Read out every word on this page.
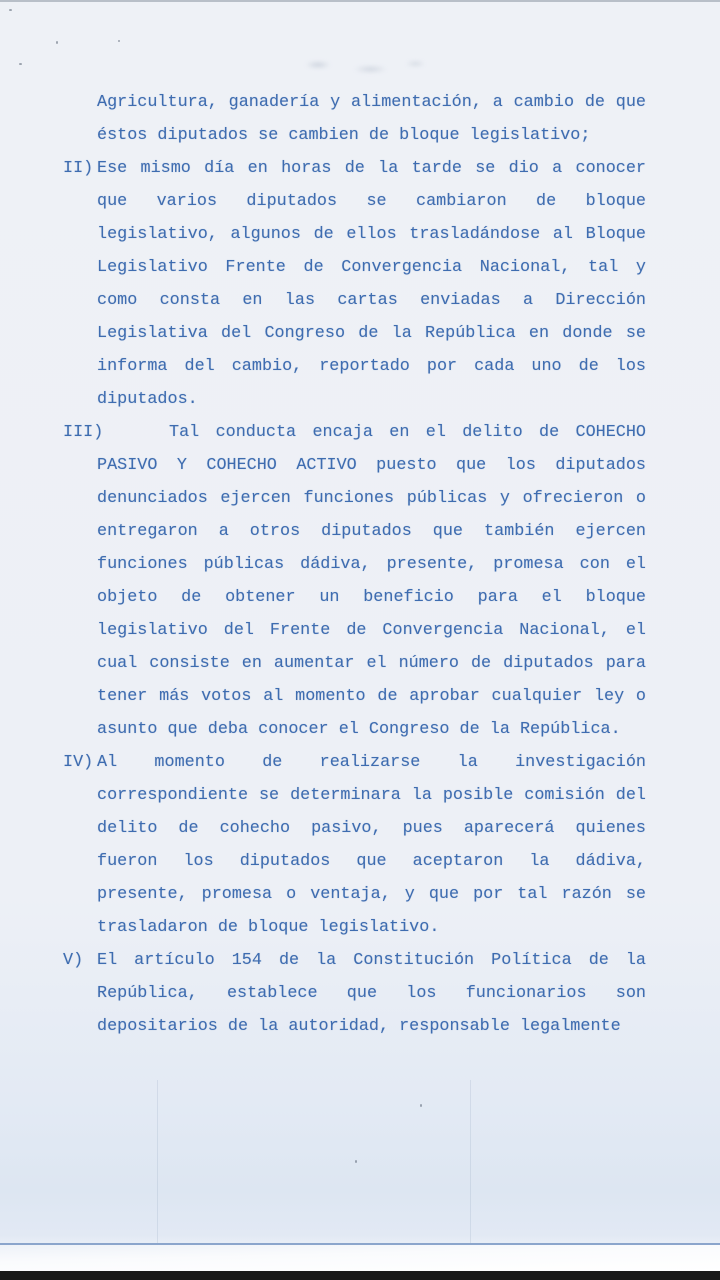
Agricultura, ganadería y alimentación, a cambio de que éstos diputados se cambien de bloque legislativo;
II) Ese mismo día en horas de la tarde se dio a conocer que varios diputados se cambiaron de bloque legislativo, algunos de ellos trasladándose al Bloque Legislativo Frente de Convergencia Nacional, tal y como consta en las cartas enviadas a Dirección Legislativa del Congreso de la República en donde se informa del cambio, reportado por cada uno de los diputados.
III)	Tal conducta encaja en el delito de COHECHO PASIVO Y COHECHO ACTIVO puesto que los diputados denunciados ejercen funciones públicas y ofrecieron o entregaron a otros diputados que también ejercen funciones públicas dádiva, presente, promesa con el objeto de obtener un beneficio para el bloque legislativo del Frente de Convergencia Nacional, el cual consiste en aumentar el número de diputados para tener más votos al momento de aprobar cualquier ley o asunto que deba conocer el Congreso de la República.
IV) Al momento de realizarse la investigación correspondiente se determinara la posible comisión del delito de cohecho pasivo, pues aparecerá quienes fueron los diputados que aceptaron la dádiva, presente, promesa o ventaja, y que por tal razón se trasladaron de bloque legislativo.
V) El artículo 154 de la Constitución Política de la República, establece que los funcionarios son depositarios de la autoridad, responsable legalmente
